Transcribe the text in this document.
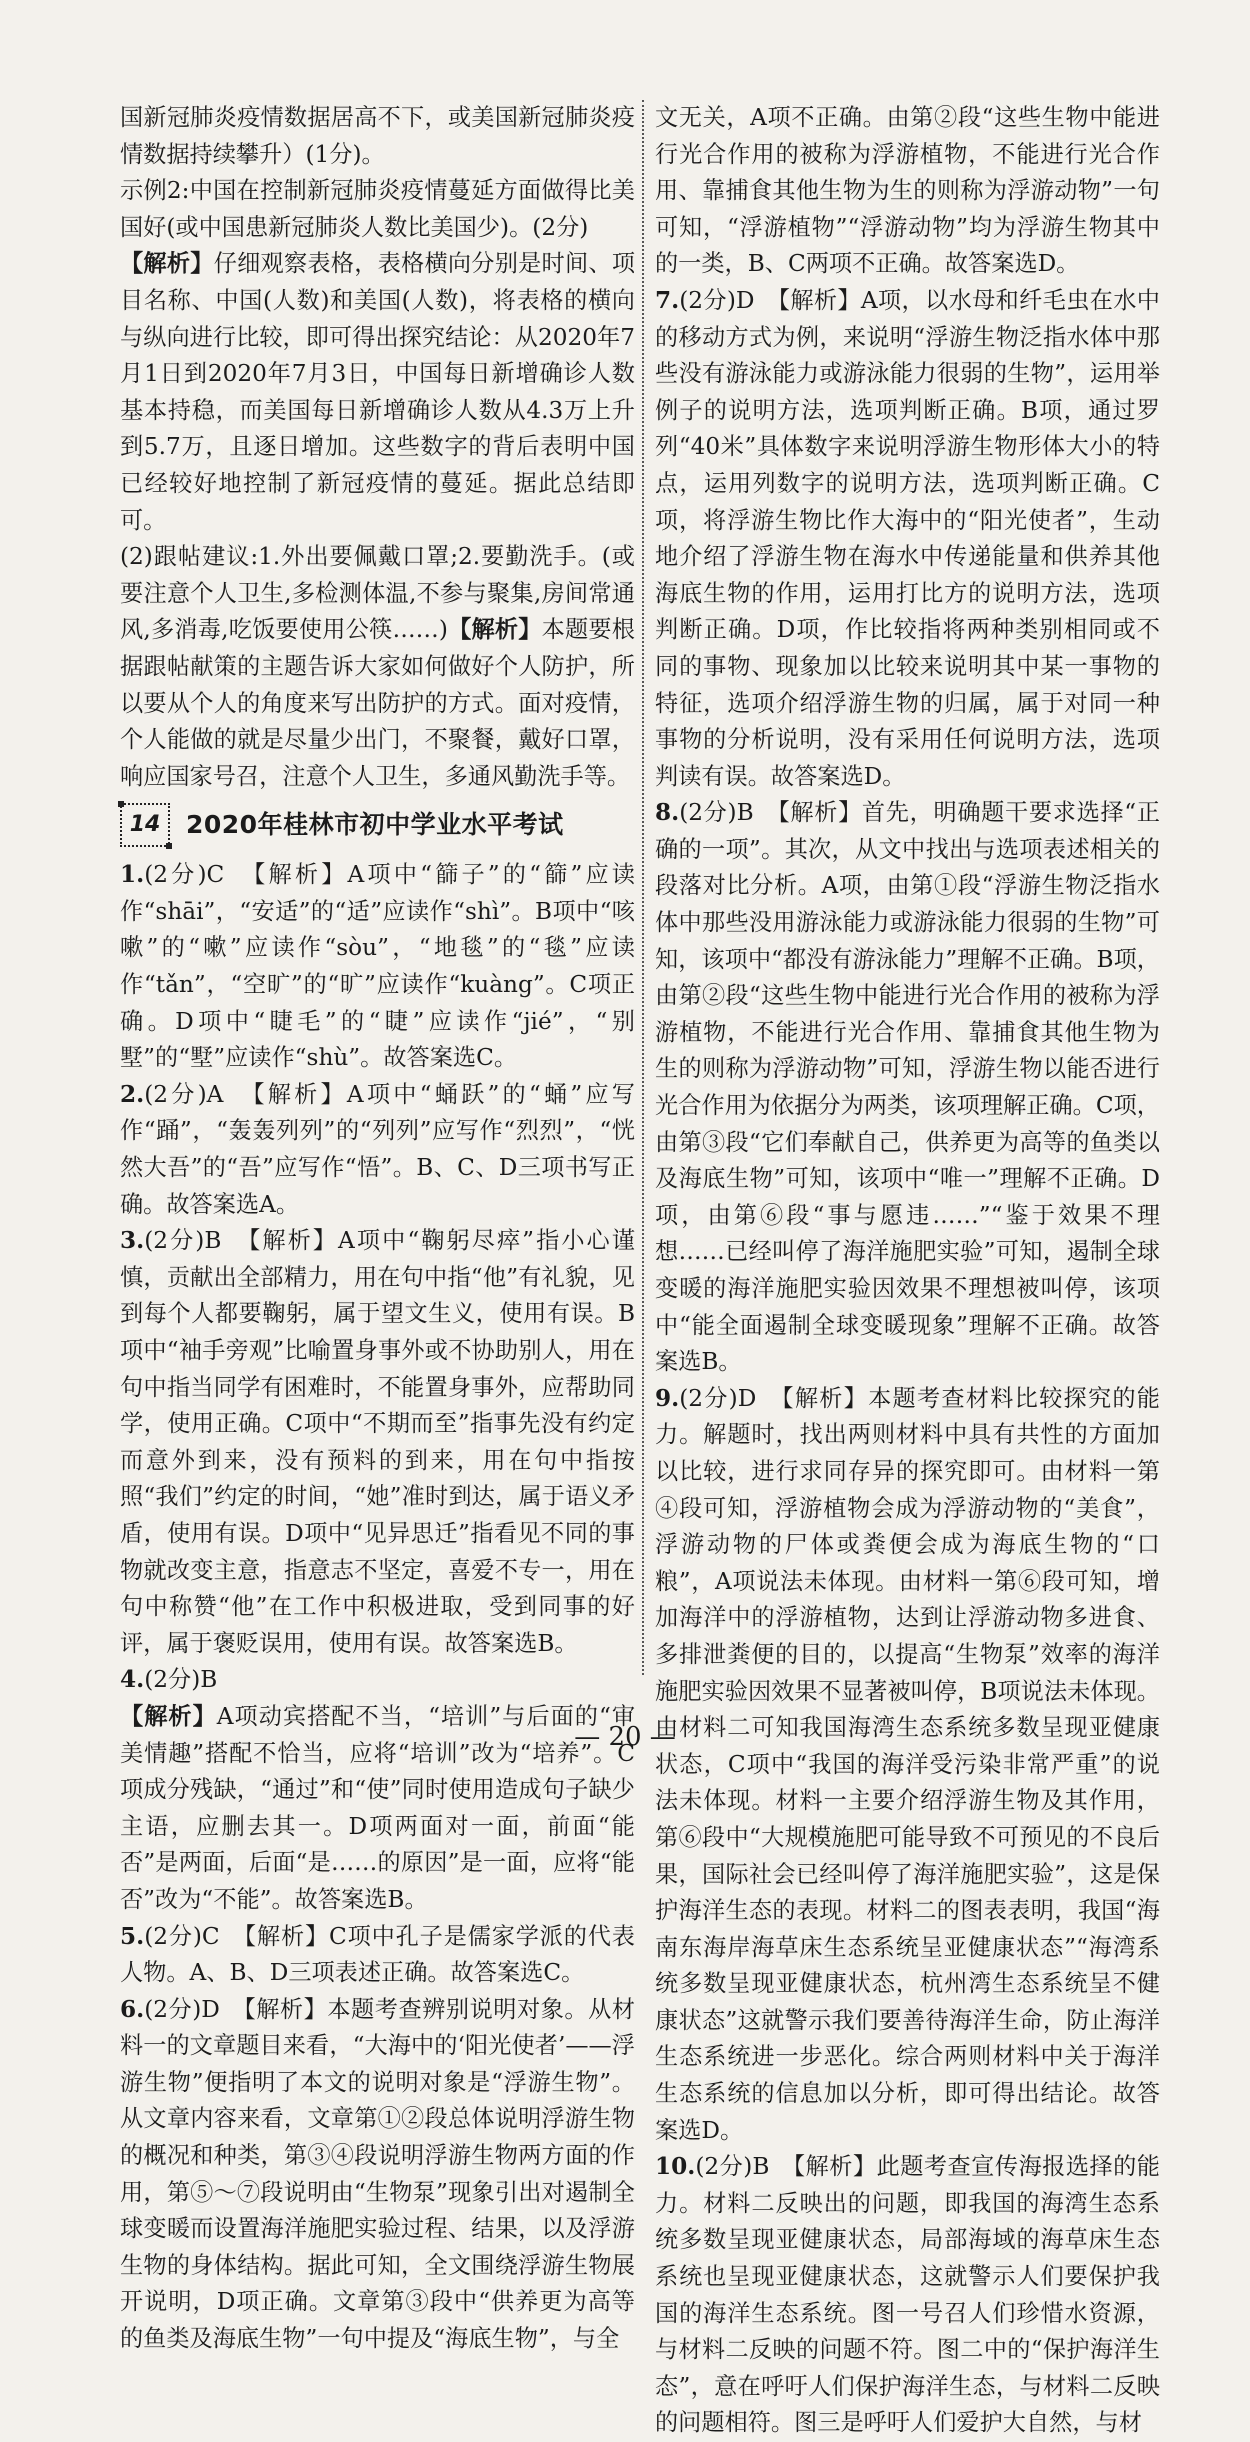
国新冠肺炎疫情数据居高不下，或美国新冠肺炎疫情数据持续攀升）(1分)。

示例2:中国在控制新冠肺炎疫情蔓延方面做得比美国好(或中国患新冠肺炎人数比美国少)。(2分)

【解析】仔细观察表格，表格横向分别是时间、项目名称、中国(人数)和美国(人数)，将表格的横向与纵向进行比较，即可得出探究结论：从2020年7月1日到2020年7月3日，中国每日新增确诊人数基本持稳，而美国每日新增确诊人数从4.3万上升到5.7万，且逐日增加。这些数字的背后表明中国已经较好地控制了新冠疫情的蔓延。据此总结即可。

(2)跟帖建议:1.外出要佩戴口罩;2.要勤洗手。(或要注意个人卫生,多检测体温,不参与聚集,房间常通风,多消毒,吃饭要使用公筷……)【解析】本题要根据跟帖献策的主题告诉大家如何做好个人防护，所以要从个人的角度来写出防护的方式。面对疫情，个人能做的就是尽量少出门，不聚餐，戴好口罩，响应国家号召，注意个人卫生，多通风勤洗手等。

14	2020年桂林市初中学业水平考试

1.(2分)C　【解析】A项中“篩子”的“篩”应读作“shāi”，“安适”的“适”应读作“shì”。B项中“咳嗽”的“嗽”应读作“sòu”，“地毯”的“毯”应读作“tǎn”，“空旷”的“旷”应读作“kuàng”。C项正确。D项中“睫毛”的“睫”应读作“jié”，“别墅”的“墅”应读作“shù”。故答案选C。

2.(2分)A　【解析】A项中“蛹跃”的“蛹”应写作“踊”，“轰轰列列”的“列列”应写作“烈烈”，“恍然大吾”的“吾”应写作“悟”。B、C、D三项书写正确。故答案选A。

3.(2分)B　【解析】A项中“鞠躬尽瘁”指小心谨慎，贡献出全部精力，用在句中指“他”有礼貌，见到每个人都要鞠躬，属于望文生义，使用有误。B项中“袖手旁观”比喻置身事外或不协助别人，用在句中指当同学有困难时，不能置身事外，应帮助同学，使用正确。C项中“不期而至”指事先没有约定而意外到来，没有预料的到来，用在句中指按照“我们”约定的时间，“她”准时到达，属于语义矛盾，使用有误。D项中“见异思迁”指看见不同的事物就改变主意，指意志不坚定，喜爱不专一，用在句中称赞“他”在工作中积极进取，受到同事的好评，属于褒贬误用，使用有误。故答案选B。

4.(2分)B

【解析】A项动宾搭配不当，“培训”与后面的“审美情趣”搭配不恰当，应将“培训”改为“培养”。C项成分残缺，“通过”和“使”同时使用造成句子缺少主语，应删去其一。D项两面对一面，前面“能否”是两面，后面“是……的原因”是一面，应将“能否”改为“不能”。故答案选B。

5.(2分)C　【解析】C项中孔子是儒家学派的代表人物。A、B、D三项表述正确。故答案选C。

6.(2分)D　【解析】本题考查辨别说明对象。从材料一的文章题目来看，“大海中的‘阳光使者’——浮游生物”便指明了本文的说明对象是“浮游生物”。从文章内容来看，文章第①②段总体说明浮游生物的概况和种类，第③④段说明浮游生物两方面的作用，第⑤～⑦段说明由“生物泵”现象引出对遏制全球变暖而设置海洋施肥实验过程、结果，以及浮游生物的身体结构。据此可知，全文围绕浮游生物展开说明，D项正确。文章第③段中“供养更为高等的鱼类及海底生物”一句中提及“海底生物”，与全

文无关，A项不正确。由第②段“这些生物中能进行光合作用的被称为浮游植物，不能进行光合作用、靠捕食其他生物为生的则称为浮游动物”一句可知，“浮游植物”“浮游动物”均为浮游生物其中的一类，B、C两项不正确。故答案选D。

7.(2分)D　【解析】A项，以水母和纤毛虫在水中的移动方式为例，来说明“浮游生物泛指水体中那些没有游泳能力或游泳能力很弱的生物”，运用举例子的说明方法，选项判断正确。B项，通过罗列“40米”具体数字来说明浮游生物形体大小的特点，运用列数字的说明方法，选项判断正确。C项，将浮游生物比作大海中的“阳光使者”，生动地介绍了浮游生物在海水中传递能量和供养其他海底生物的作用，运用打比方的说明方法，选项判断正确。D项，作比较指将两种类别相同或不同的事物、现象加以比较来说明其中某一事物的特征，选项介绍浮游生物的归属，属于对同一种事物的分析说明，没有采用任何说明方法，选项判读有误。故答案选D。

8.(2分)B　【解析】首先，明确题干要求选择“正确的一项”。其次，从文中找出与选项表述相关的段落对比分析。A项，由第①段“浮游生物泛指水体中那些没用游泳能力或游泳能力很弱的生物”可知，该项中“都没有游泳能力”理解不正确。B项，由第②段“这些生物中能进行光合作用的被称为浮游植物，不能进行光合作用、靠捕食其他生物为生的则称为浮游动物”可知，浮游生物以能否进行光合作用为依据分为两类，该项理解正确。C项，由第③段“它们奉献自己，供养更为高等的鱼类以及海底生物”可知，该项中“唯一”理解不正确。D项，由第⑥段“事与愿违……”“鉴于效果不理想……已经叫停了海洋施肥实验”可知，遏制全球变暖的海洋施肥实验因效果不理想被叫停，该项中“能全面遏制全球变暖现象”理解不正确。故答案选B。

9.(2分)D　【解析】本题考查材料比较探究的能力。解题时，找出两则材料中具有共性的方面加以比较，进行求同存异的探究即可。由材料一第④段可知，浮游植物会成为浮游动物的“美食”，浮游动物的尸体或粪便会成为海底生物的“口粮”，A项说法未体现。由材料一第⑥段可知，增加海洋中的浮游植物，达到让浮游动物多进食、多排泄粪便的目的，以提高“生物泵”效率的海洋施肥实验因效果不显著被叫停，B项说法未体现。由材料二可知我国海湾生态系统多数呈现亚健康状态，C项中“我国的海洋受污染非常严重”的说法未体现。材料一主要介绍浮游生物及其作用，第⑥段中“大规模施肥可能导致不可预见的不良后果，国际社会已经叫停了海洋施肥实验”，这是保护海洋生态的表现。材料二的图表表明，我国“海南东海岸海草床生态系统呈亚健康状态”“海湾系统多数呈现亚健康状态，杭州湾生态系统呈不健康状态”这就警示我们要善待海洋生命，防止海洋生态系统进一步恶化。综合两则材料中关于海洋生态系统的信息加以分析，即可得出结论。故答案选D。

10.(2分)B　【解析】此题考查宣传海报选择的能力。材料二反映出的问题，即我国的海湾生态系统多数呈现亚健康状态，局部海域的海草床生态系统也呈现亚健康状态，这就警示人们要保护我国的海洋生态系统。图一号召人们珍惜水资源，与材料二反映的问题不符。图二中的“保护海洋生态”，意在呼吁人们保护海洋生态，与材料二反映的问题相符。图三是呼吁人们爱护大自然，与材

— 20 —
